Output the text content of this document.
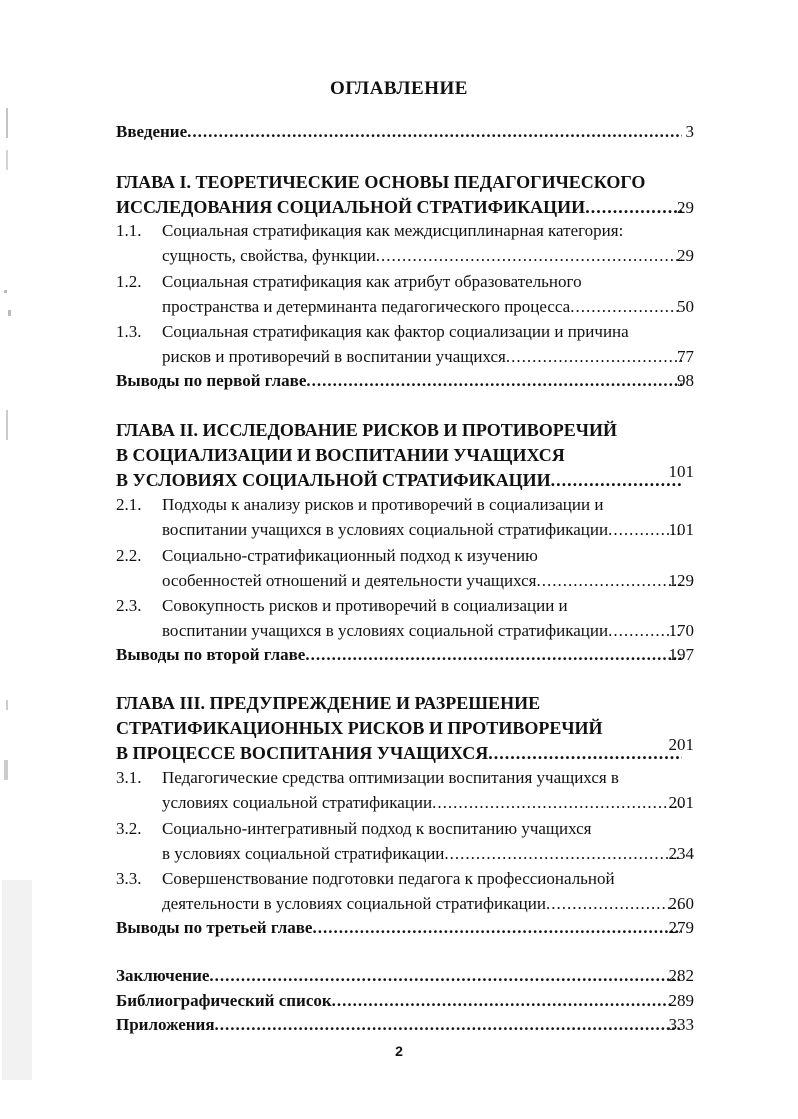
ОГЛАВЛЕНИЕ
Введение .....	3
ГЛАВА I. ТЕОРЕТИЧЕСКИЕ ОСНОВЫ ПЕДАГОГИЧЕСКОГО
ИССЛЕДОВАНИЯ СОЦИАЛЬНОЙ СТРАТИФИКАЦИИ .....	29
1.1. Социальная стратификация как междисциплинарная категория:
сущность, свойства, функции .....	29
1.2. Социальная стратификация как атрибут образовательного
пространства и детерминанта педагогического процесса .....	50
1.3. Социальная стратификация как фактор социализации и причина
рисков и противоречий в воспитании учащихся .....	77
Выводы по первой главе .....	98
ГЛАВА II. ИССЛЕДОВАНИЕ РИСКОВ И ПРОТИВОРЕЧИЙ
В СОЦИАЛИЗАЦИИ И ВОСПИТАНИИ УЧАЩИХСЯ
В УСЛОВИЯХ СОЦИАЛЬНОЙ СТРАТИФИКАЦИИ .....	101
2.1. Подходы к анализу рисков и противоречий в социализации и
воспитании учащихся в условиях социальной стратификации .....	101
2.2. Социально-стратификационный подход к изучению
особенностей отношений и деятельности учащихся .....	129
2.3. Совокупность рисков и противоречий в социализации и
воспитании учащихся в условиях социальной стратификации .....	170
Выводы по второй главе .....	197
ГЛАВА III. ПРЕДУПРЕЖДЕНИЕ И РАЗРЕШЕНИЕ
СТРАТИФИКАЦИОННЫХ РИСКОВ И ПРОТИВОРЕЧИЙ
В ПРОЦЕССЕ ВОСПИТАНИЯ УЧАЩИХСЯ .....	201
3.1. Педагогические средства оптимизации воспитания учащихся в
условиях социальной стратификации .....	201
3.2. Социально-интегративный подход к воспитанию учащихся
в условиях социальной стратификации .....	234
3.3. Совершенствование подготовки педагога к профессиональной
деятельности в условиях социальной стратификации .....	260
Выводы по третьей главе .....	279
Заключение .....	282
Библиографический список .....	289
Приложения .....	333
2
